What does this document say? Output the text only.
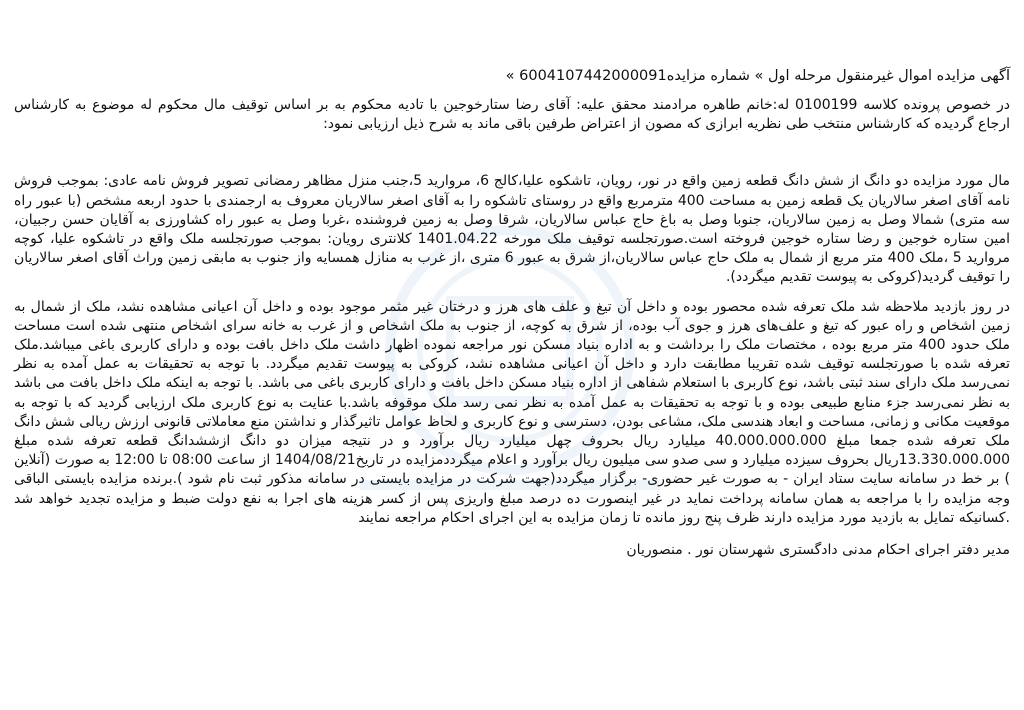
آگهی مزایده اموال غیرمنقول مرحله اول » شماره مزایده6004107442000091 »

در خصوص پرونده کلاسه 0100199 له:خانم طاهره مرادمند محقق علیه: آقای رضا ستارخوجین با تادیه محکوم به بر اساس توقیف مال محکوم له موضوع به کارشناس ارجاع گردیده که کارشناس منتخب طی نظریه ابرازی که مصون از اعتراض طرفین باقی ماند به شرح ذیل ارزیابی نمود:

مال مورد مزایده دو دانگ از شش دانگ قطعه زمین واقع در نور، رویان، تاشکوه علیا،کالج 6، مروارید 5،جنب منزل مظاهر رمضانی تصویر فروش نامه عادی: بموجب فروش نامه آقای اصغر سالاریان یک قطعه زمین به مساحت 400 مترمربع واقع در روستای تاشکوه را به آقای اصغر سالاریان معروف به ارجمندی با حدود اربعه مشخص (با عبور راه سه متری) شمالا وصل به زمین سالاریان، جنوبا وصل به باغ حاج عباس سالاریان، شرقا وصل به زمین فروشنده ،غربا وصل به عبور راه کشاورزی به آقایان حسن رجبیان، امین ستاره خوجین و رضا ستاره خوجین فروخته است.صورتجلسه توقیف ملک مورخه 1401.04.22 کلانتری رویان: بموجب صورتجلسه ملک واقع در تاشکوه علیا، کوچه مروارید 5 ،ملک 400 متر مربع از شمال به ملک حاج عباس سالاریان،از شرق به عبور 6 متری ،از غرب به منازل همسایه واز جنوب به مابقی زمین وراث آقای اصغر سالاریان را توقیف گردید(کروکی به پیوست تقدیم میگردد).

در روز بازدید ملاحظه شد ملک تعرفه شده محصور بوده و داخل آن تیغ و علف های هرز و درختان غیر مثمر موجود بوده و داخل آن اعیانی مشاهده نشد، ملک از شمال به زمین اشخاص و راه عبور که تیغ و علف‌های هرز و جوی آب بوده، از شرق به کوچه، از جنوب به ملک اشخاص و از غرب به خانه سرای اشخاص منتهی شده است مساحت ملک حدود 400 متر مربع بوده ، مختصات ملک را برداشت و به اداره بنیاد مسکن نور مراجعه نموده اظهار داشت ملک داخل بافت بوده و دارای کاربری باغی میباشد.ملک تعرفه شده با صورتجلسه توقیف شده تقریبا مطابقت دارد و داخل آن اعیانی مشاهده نشد، کروکی به پیوست تقدیم میگردد. با توجه به تحقیقات به عمل آمده به نظر نمی‌رسد ملک دارای سند ثبتی باشد، نوع کاربری با استعلام شفاهی از اداره بنیاد مسکن داخل بافت و دارای کاربری باغی می باشد. با توجه به اینکه ملک داخل بافت می باشد به نظر نمی‌رسد جزء منابع طبیعی بوده و با توجه به تحقیقات به عمل آمده به نظر نمی رسد ملک موقوفه باشد.با عنایت به نوع کاربری ملک ارزیابی گردید که با توجه به موقعیت مکانی و زمانی، مساحت و ابعاد هندسی ملک، مشاعی بودن، دسترسی و نوع کاربری و لحاظ عوامل تاثیرگذار و نداشتن منع معاملاتی قانونی ارزش ریالی شش دانگ ملک تعرفه شده جمعا مبلغ 40.000.000.000 میلیارد ریال بحروف چهل میلیارد ریال برآورد و در نتیجه میزان دو دانگ ازششدانگ قطعه تعرفه شده مبلغ 13.330.000.000ریال بحروف سیزده میلیارد و سی صدو سی میلیون ریال برآورد و اعلام میگرددمزایده در تاریخ1404/08/21 از ساعت 08:00 تا 12:00 به صورت (آنلاین ) بر خط در سامانه سایت ستاد ایران - به صورت غیر حضوری- برگزار میگردد(جهت شرکت در مزایده بایستی در سامانه مذکور ثبت نام شود ).برنده مزایده بایستی الباقی وجه مزایده را با مراجعه به همان سامانه پرداخت نماید در غیر اینصورت ده درصد مبلغ واریزی پس از کسر هزینه های اجرا به نفع دولت ضبط و مزایده تجدید خواهد شد .کسانیکه تمایل به بازدید مورد مزایده دارند ظرف پنج روز مانده تا زمان مزایده به این اجرای احکام مراجعه نمایند

مدیر دفتر اجرای احکام مدنی دادگستری شهرستان نور . منصوریان
